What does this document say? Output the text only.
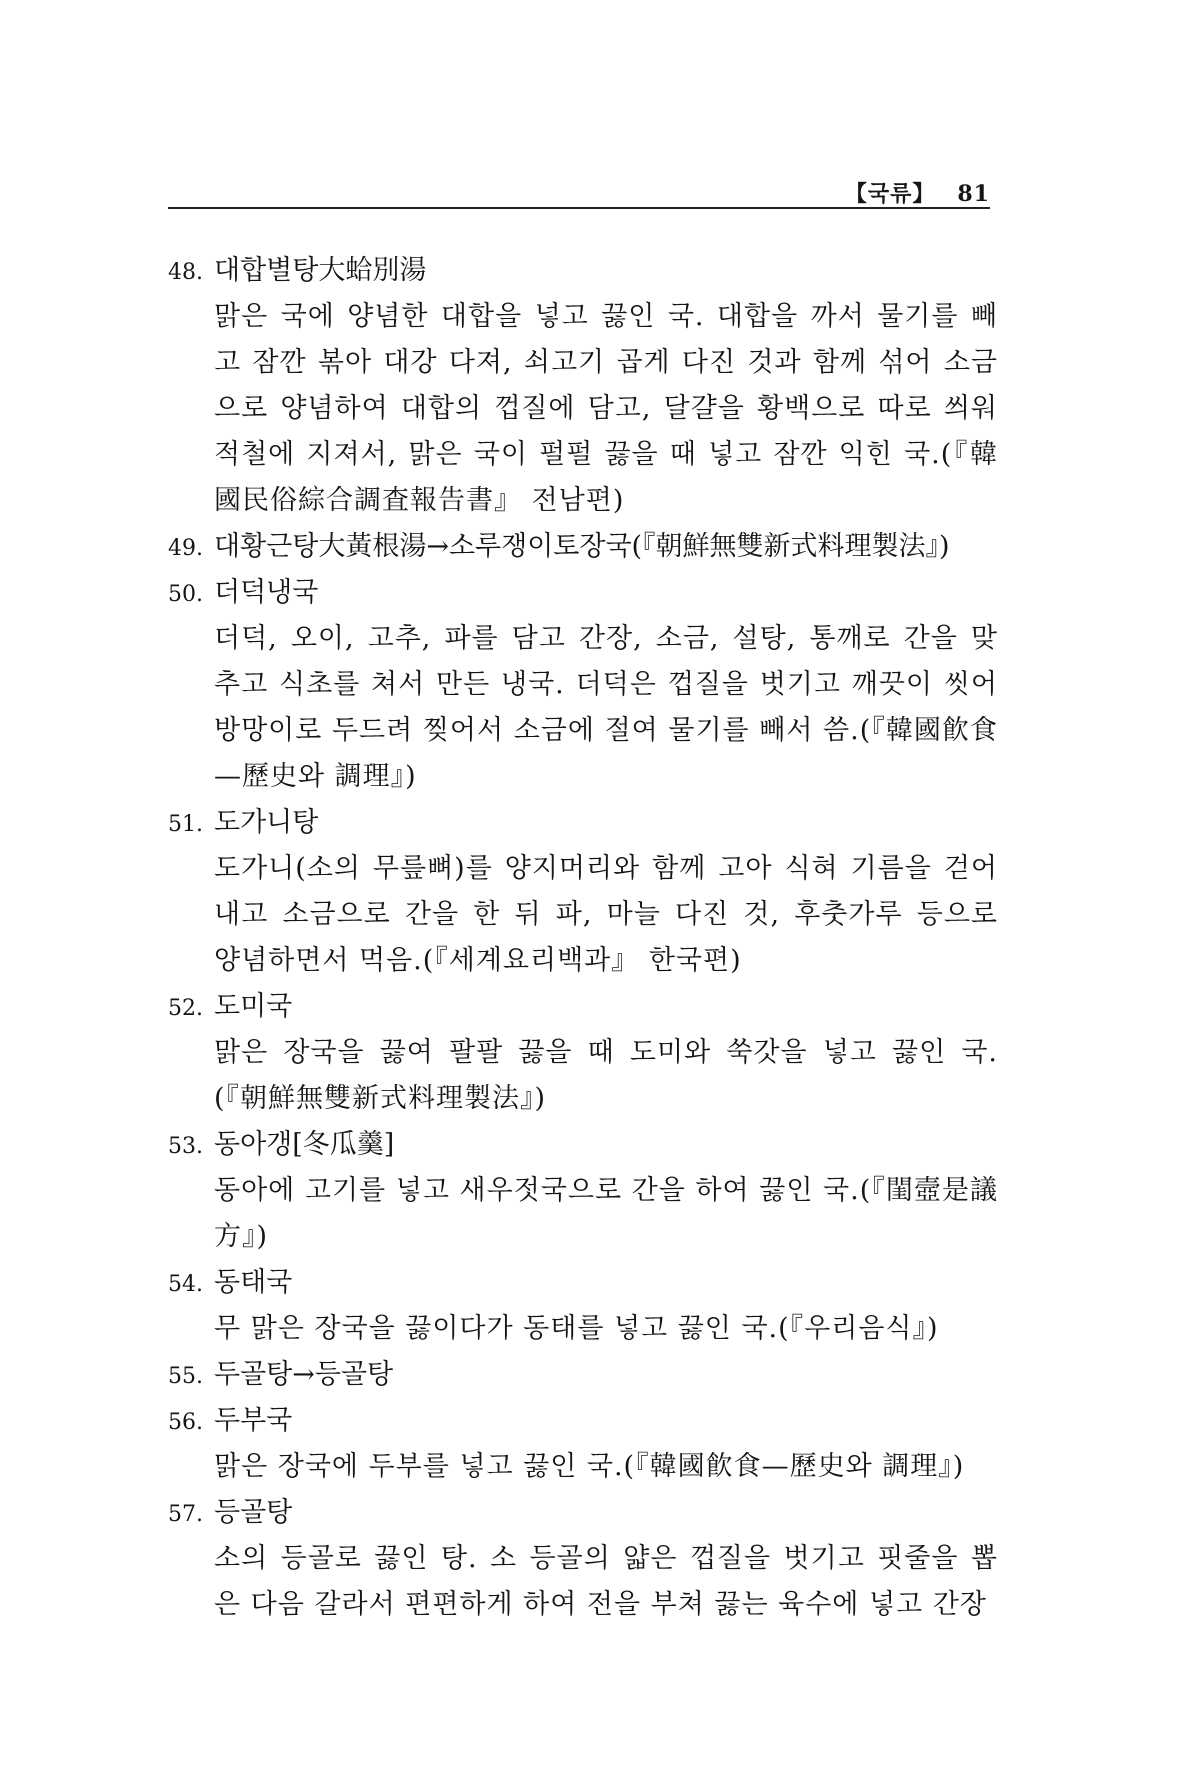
【국류】 81
48. 대합별탕大蛤別湯
맑은 국에 양념한 대합을 넣고 끓인 국. 대합을 까서 물기를 빼
고 잠깐 볶아 대강 다져, 쇠고기 곱게 다진 것과 함께 섞어 소금
으로 양념하여 대합의 껍질에 담고, 달걀을 황백으로 따로 씌워
적철에 지져서, 맑은 국이 펄펄 끓을 때 넣고 잠깐 익힌 국.(『韓
國民俗綜合調査報告書』 전남편)
49. 대황근탕大黃根湯→소루쟁이토장국(『朝鮮無雙新式料理製法』)
50. 더덕냉국
더덕, 오이, 고추, 파를 담고 간장, 소금, 설탕, 통깨로 간을 맞
추고 식초를 쳐서 만든 냉국. 더덕은 껍질을 벗기고 깨끗이 씻어
방망이로 두드려 찢어서 소금에 절여 물기를 빼서 씀.(『韓國飮食
—歷史와 調理』)
51. 도가니탕
도가니(소의 무릎뼈)를 양지머리와 함께 고아 식혀 기름을 걷어
내고 소금으로 간을 한 뒤 파, 마늘 다진 것, 후춧가루 등으로
양념하면서 먹음.(『세계요리백과』 한국편)
52. 도미국
맑은 장국을 끓여 팔팔 끓을 때 도미와 쑥갓을 넣고 끓인 국.
(『朝鮮無雙新式料理製法』)
53. 동아갱[冬瓜羹]
동아에 고기를 넣고 새우젓국으로 간을 하여 끓인 국.(『閨壼是議
方』)
54. 동태국
무 맑은 장국을 끓이다가 동태를 넣고 끓인 국.(『우리음식』)
55. 두골탕→등골탕
56. 두부국
맑은 장국에 두부를 넣고 끓인 국.(『韓國飮食—歷史와 調理』)
57. 등골탕
소의 등골로 끓인 탕. 소 등골의 얇은 껍질을 벗기고 핏줄을 뽑
은 다음 갈라서 편편하게 하여 전을 부쳐 끓는 육수에 넣고 간장
